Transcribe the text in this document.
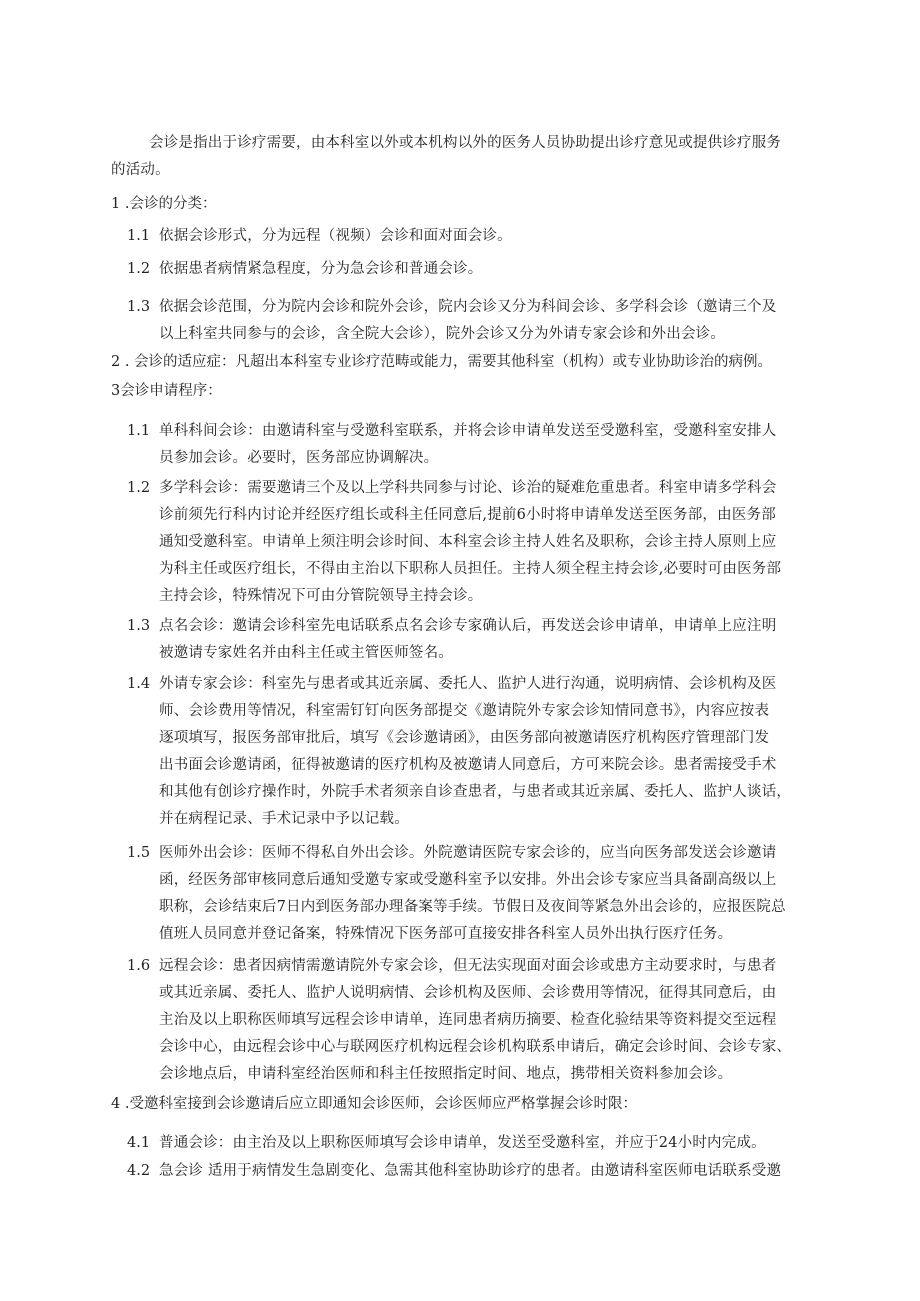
会诊是指出于诊疗需要，由本科室以外或本机构以外的医务人员协助提出诊疗意见或提供诊疗服务
的活动。
1 .会诊的分类：
1.1 依据会诊形式，分为远程（视频）会诊和面对面会诊。
1.2 依据患者病情紧急程度，分为急会诊和普通会诊。
1.3 依据会诊范围，分为院内会诊和院外会诊，院内会诊又分为科间会诊、多学科会诊（邀请三个及
以上科室共同参与的会诊，含全院大会诊），院外会诊又分为外请专家会诊和外出会诊。
2 . 会诊的适应症：凡超出本科室专业诊疗范畴或能力，需要其他科室（机构）或专业协助诊治的病例。
3会诊申请程序：
1.1 单科科间会诊：由邀请科室与受邀科室联系，并将会诊申请单发送至受邀科室，受邀科室安排人
员参加会诊。必要时，医务部应协调解决。
1.2 多学科会诊：需要邀请三个及以上学科共同参与讨论、诊治的疑难危重患者。科室申请多学科会
诊前须先行科内讨论并经医疗组长或科主任同意后,提前6小时将申请单发送至医务部，由医务部
通知受邀科室。申请单上须注明会诊时间、本科室会诊主持人姓名及职称，会诊主持人原则上应
为科主任或医疗组长，不得由主治以下职称人员担任。主持人须全程主持会诊,必要时可由医务部
主持会诊，特殊情况下可由分管院领导主持会诊。
1.3 点名会诊：邀请会诊科室先电话联系点名会诊专家确认后，再发送会诊申请单，申请单上应注明
被邀请专家姓名并由科主任或主管医师签名。
1.4 外请专家会诊：科室先与患者或其近亲属、委托人、监护人进行沟通，说明病情、会诊机构及医
师、会诊费用等情况，科室需钉钉向医务部提交《邀请院外专家会诊知情同意书》，内容应按表
逐项填写，报医务部审批后，填写《会诊邀请函》，由医务部向被邀请医疗机构医疗管理部门发
出书面会诊邀请函，征得被邀请的医疗机构及被邀请人同意后，方可来院会诊。患者需接受手术
和其他有创诊疗操作时，外院手术者须亲自诊查患者，与患者或其近亲属、委托人、监护人谈话，
并在病程记录、手术记录中予以记载。
1.5 医师外出会诊：医师不得私自外出会诊。外院邀请医院专家会诊的，应当向医务部发送会诊邀请
函，经医务部审核同意后通知受邀专家或受邀科室予以安排。外出会诊专家应当具备副高级以上
职称，会诊结束后7日内到医务部办理备案等手续。节假日及夜间等紧急外出会诊的，应报医院总
值班人员同意并登记备案，特殊情况下医务部可直接安排各科室人员外出执行医疗任务。
1.6 远程会诊：患者因病情需邀请院外专家会诊，但无法实现面对面会诊或患方主动要求时，与患者
或其近亲属、委托人、监护人说明病情、会诊机构及医师、会诊费用等情况，征得其同意后，由
主治及以上职称医师填写远程会诊申请单，连同患者病历摘要、检查化验结果等资料提交至远程
会诊中心，由远程会诊中心与联网医疗机构远程会诊机构联系申请后，确定会诊时间、会诊专家、
会诊地点后，申请科室经治医师和科主任按照指定时间、地点，携带相关资料参加会诊。
4 .受邀科室接到会诊邀请后应立即通知会诊医师，会诊医师应严格掌握会诊时限：
4.1 普通会诊：由主治及以上职称医师填写会诊申请单，发送至受邀科室，并应于24小时内完成。
4.2 急会诊 适用于病情发生急剧变化、急需其他科室协助诊疗的患者。由邀请科室医师电话联系受邀
